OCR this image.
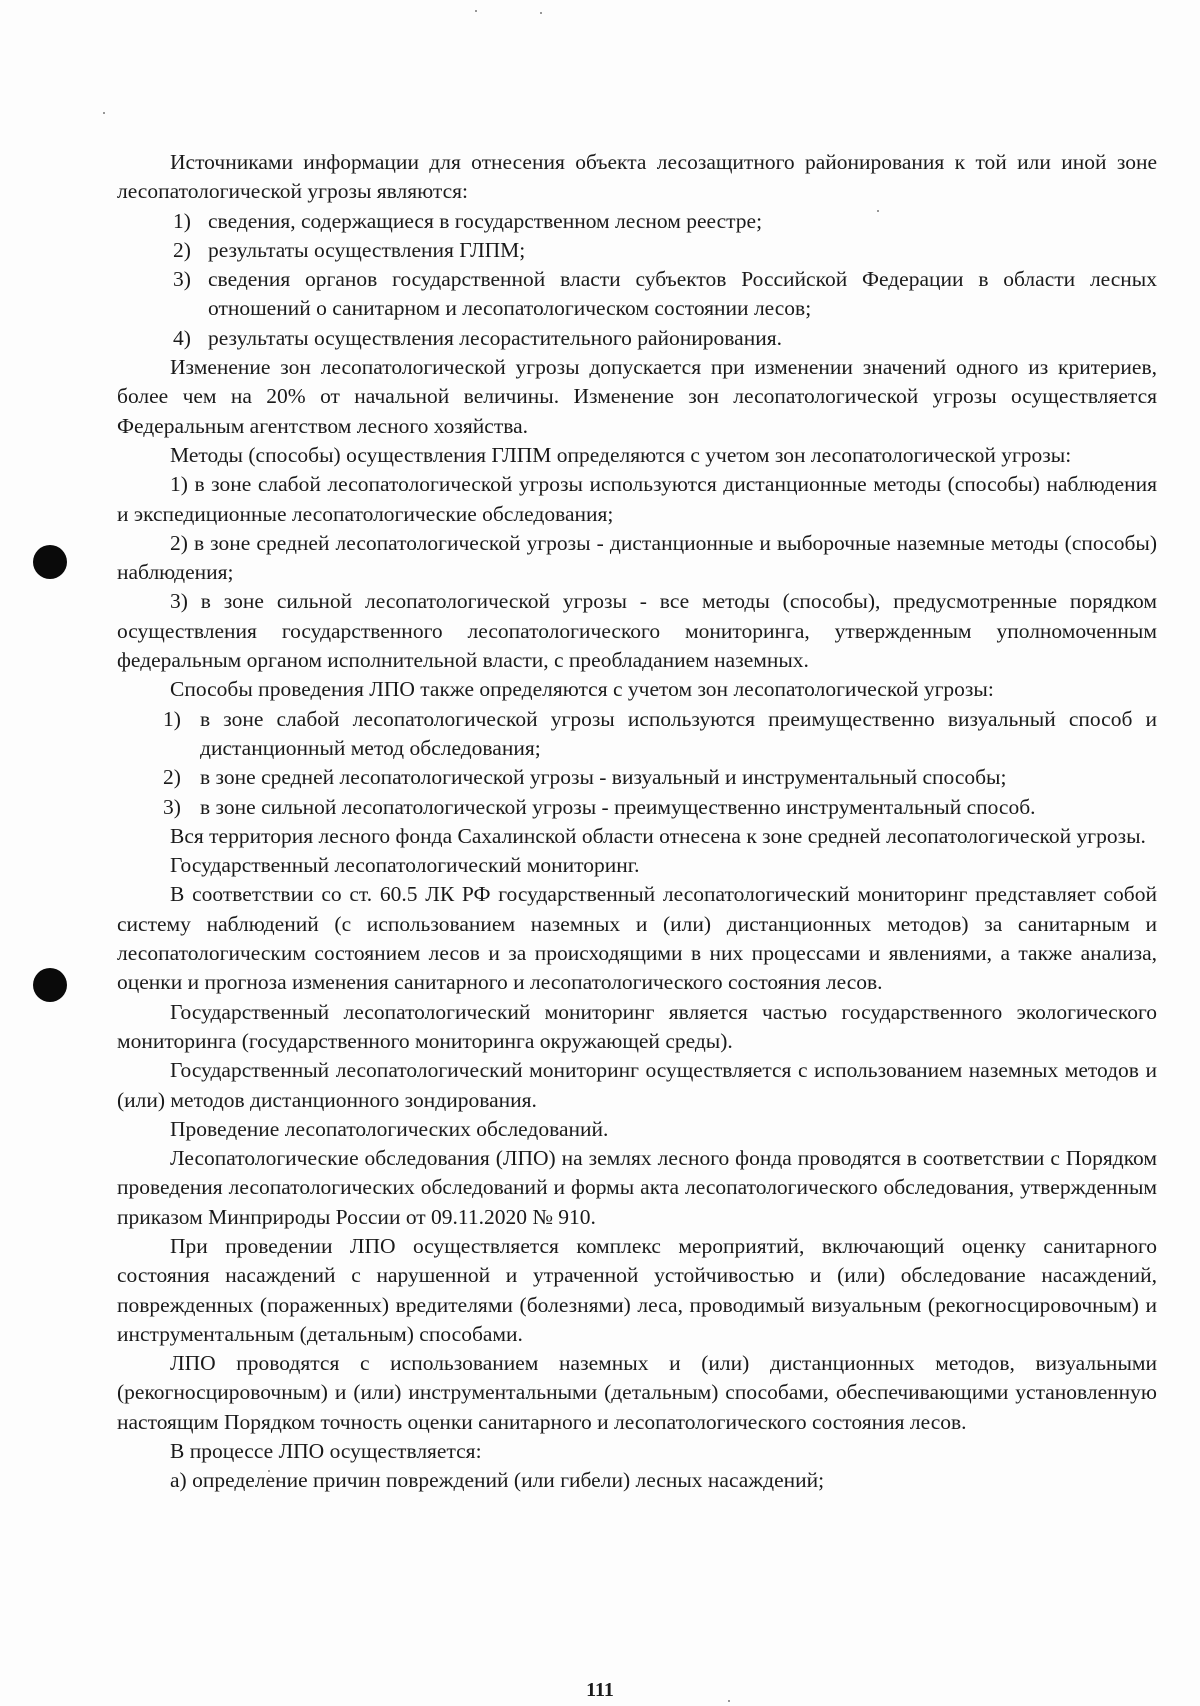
Источниками информации для отнесения объекта лесозащитного районирования к той или иной зоне лесопатологической угрозы являются:

1) сведения, содержащиеся в государственном лесном реестре;
2) результаты осуществления ГЛПМ;
3) сведения органов государственной власти субъектов Российской Федерации в области лесных отношений о санитарном и лесопатологическом состоянии лесов;
4) результаты осуществления лесорастительного районирования.

Изменение зон лесопатологической угрозы допускается при изменении значений одного из критериев, более чем на 20% от начальной величины. Изменение зон лесопатологической угрозы осуществляется Федеральным агентством лесного хозяйства.

Методы (способы) осуществления ГЛПМ определяются с учетом зон лесопатологической угрозы:

1) в зоне слабой лесопатологической угрозы используются дистанционные методы (способы) наблюдения и экспедиционные лесопатологические обследования;

2) в зоне средней лесопатологической угрозы - дистанционные и выборочные наземные методы (способы) наблюдения;

3) в зоне сильной лесопатологической угрозы - все методы (способы), предусмотренные порядком осуществления государственного лесопатологического мониторинга, утвержденным уполномоченным федеральным органом исполнительной власти, с преобладанием наземных.

Способы проведения ЛПО также определяются с учетом зон лесопатологической угрозы:

1) в зоне слабой лесопатологической угрозы используются преимущественно визуальный способ и дистанционный метод обследования;
2) в зоне средней лесопатологической угрозы - визуальный и инструментальный способы;
3) в зоне сильной лесопатологической угрозы - преимущественно инструментальный способ.

Вся территория лесного фонда Сахалинской области отнесена к зоне средней лесопатологической угрозы.

Государственный лесопатологический мониторинг.

В соответствии со ст. 60.5 ЛК РФ государственный лесопатологический мониторинг представляет собой систему наблюдений (с использованием наземных и (или) дистанционных методов) за санитарным и лесопатологическим состоянием лесов и за происходящими в них процессами и явлениями, а также анализа, оценки и прогноза изменения санитарного и лесопатологического состояния лесов.

Государственный лесопатологический мониторинг является частью государственного экологического мониторинга (государственного мониторинга окружающей среды).

Государственный лесопатологический мониторинг осуществляется с использованием наземных методов и (или) методов дистанционного зондирования.

Проведение лесопатологических обследований.

Лесопатологические обследования (ЛПО) на землях лесного фонда проводятся в соответствии с Порядком проведения лесопатологических обследований и формы акта лесопатологического обследования, утвержденным приказом Минприроды России от 09.11.2020 № 910.

При проведении ЛПО осуществляется комплекс мероприятий, включающий оценку санитарного состояния насаждений с нарушенной и утраченной устойчивостью и (или) обследование насаждений, поврежденных (пораженных) вредителями (болезнями) леса, проводимый визуальным (рекогносцировочным) и инструментальным (детальным) способами.

ЛПО проводятся с использованием наземных и (или) дистанционных методов, визуальными (рекогносцировочным) и (или) инструментальными (детальным) способами, обеспечивающими установленную настоящим Порядком точность оценки санитарного и лесопатологического состояния лесов.

В процессе ЛПО осуществляется:

а) определение причин повреждений (или гибели) лесных насаждений;

111
